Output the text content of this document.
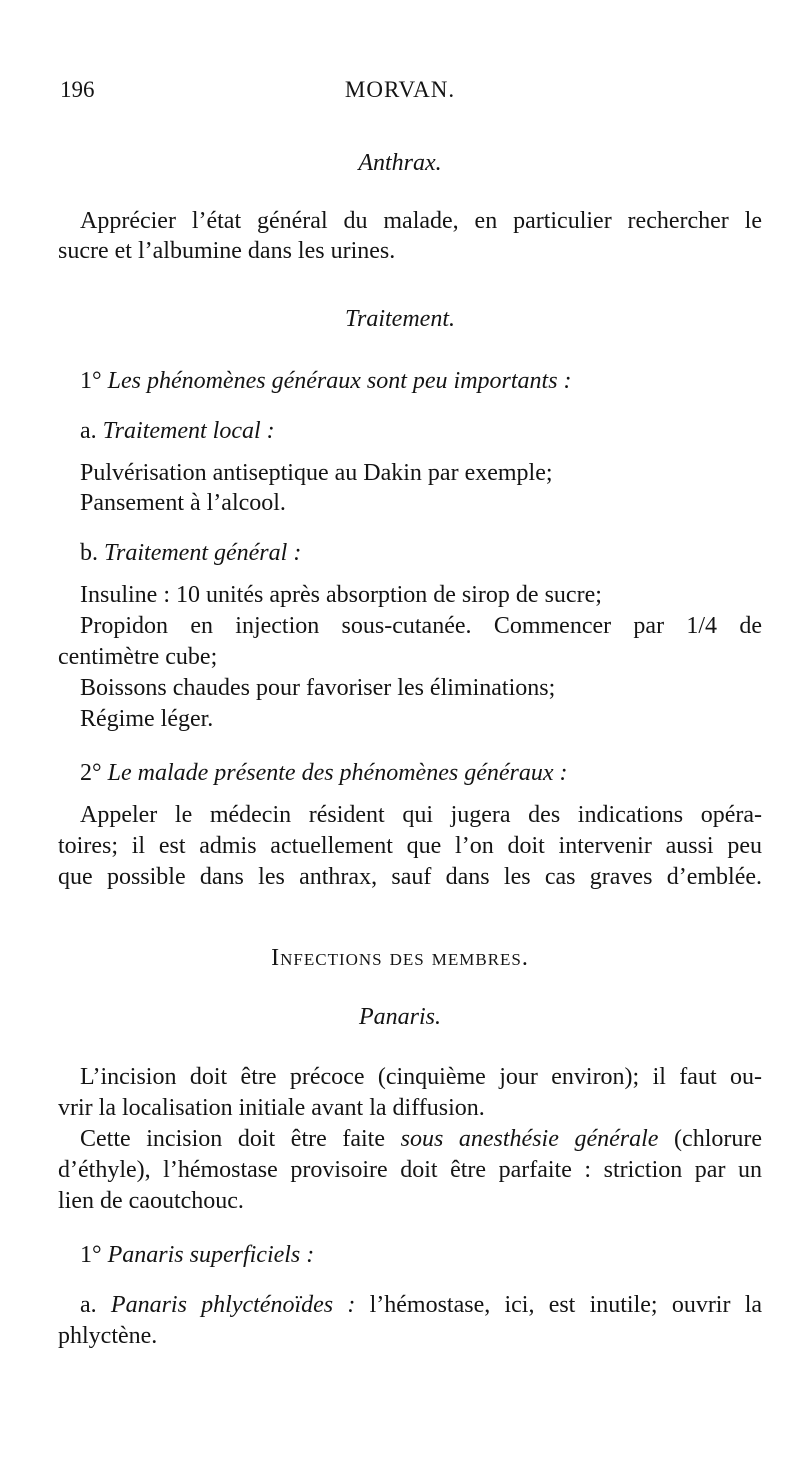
196	MORVAN.
Anthrax.
Apprécier l’état général du malade, en particulier rechercher le
sucre et l’albumine dans les urines.
Traitement.
1° Les phénomènes généraux sont peu importants :
a. Traitement local :
Pulvérisation antiseptique au Dakin par exemple;
Pansement à l’alcool.
b. Traitement général :
Insuline : 10 unités après absorption de sirop de sucre;
Propidon en injection sous-cutanée. Commencer par 1/4 de
centimètre cube;
Boissons chaudes pour favoriser les éliminations;
Régime léger.
2° Le malade présente des phénomènes généraux :
Appeler le médecin résident qui jugera des indications opéra-
toires; il est admis actuellement que l’on doit intervenir aussi peu
que possible dans les anthrax, sauf dans les cas graves d’emblée.
Infections des membres.
Panaris.
L’incision doit être précoce (cinquième jour environ); il faut ou-
vrir la localisation initiale avant la diffusion.
Cette incision doit être faite sous anesthésie générale (chlorure
d’éthyle), l’hémostase provisoire doit être parfaite : striction par un
lien de caoutchouc.
1° Panaris superficiels :
a. Panaris phlycténoïdes : l’hémostase, ici, est inutile; ouvrir la
phlyctène.
